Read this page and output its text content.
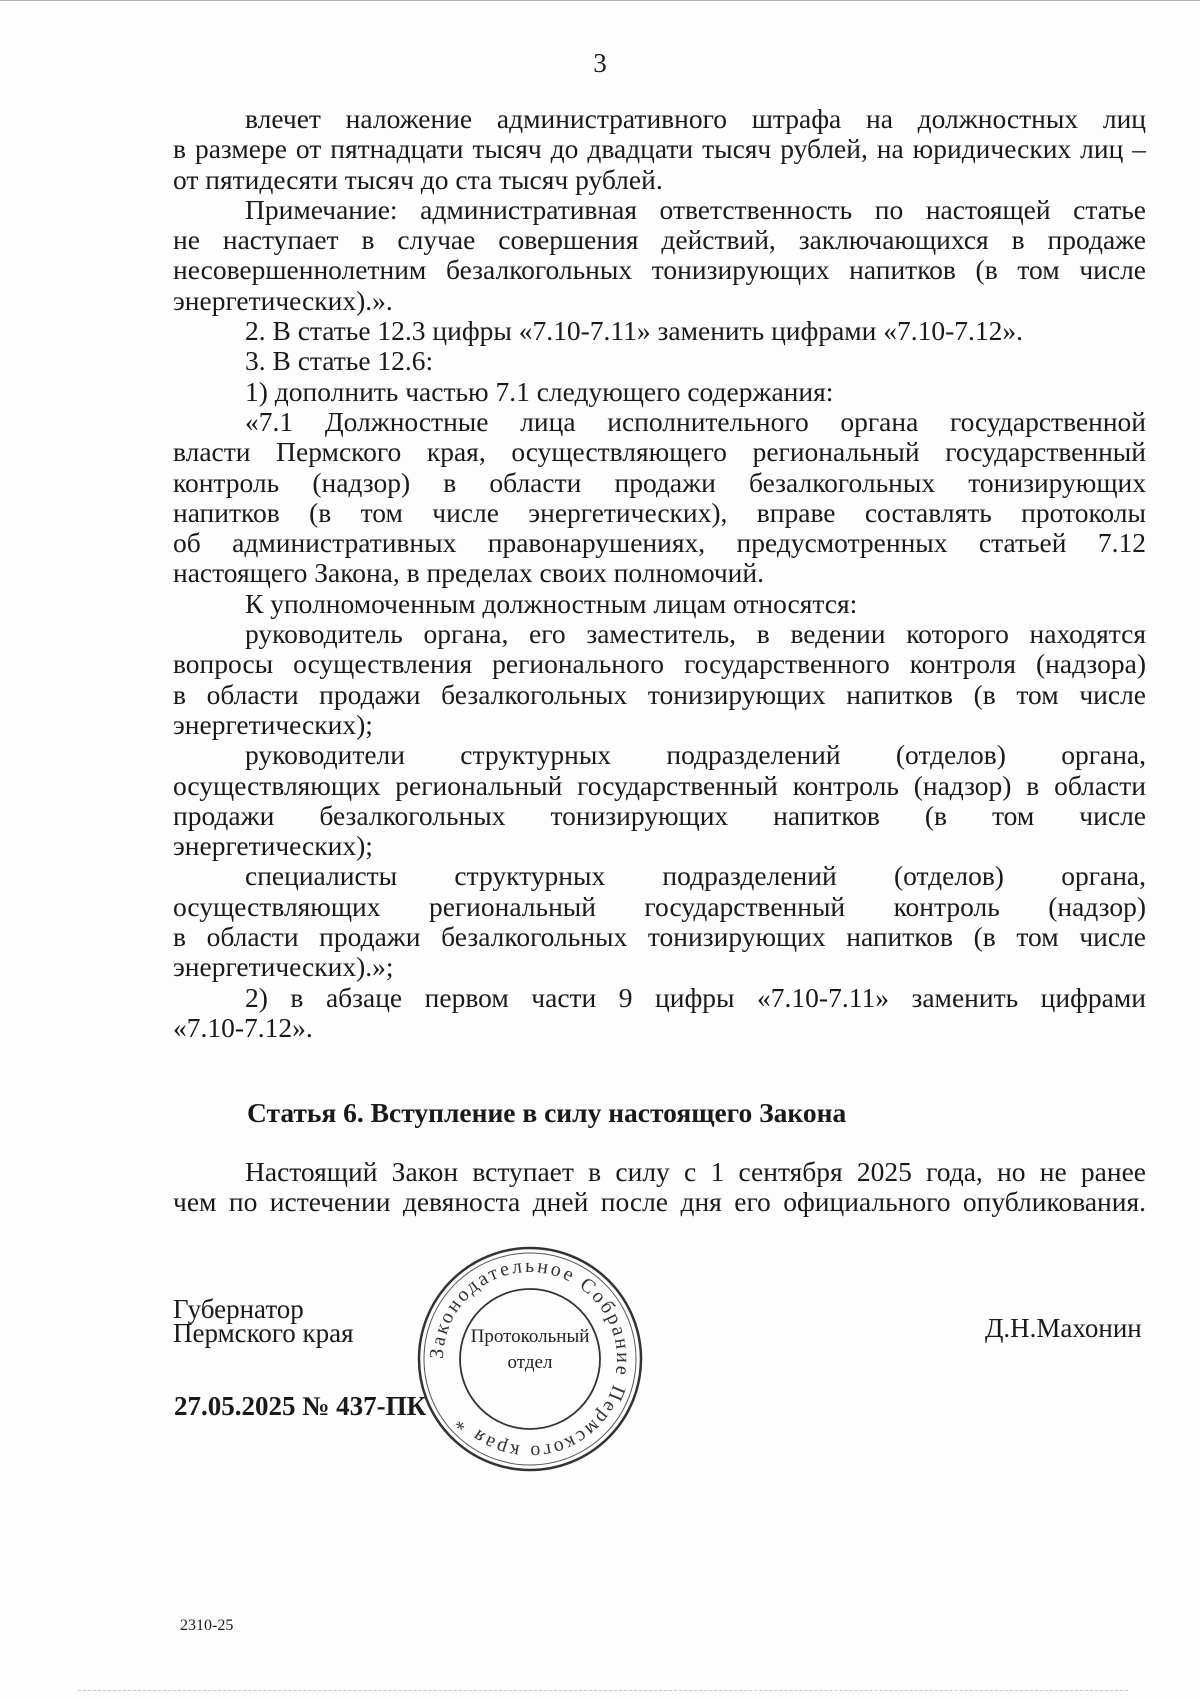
3
влечет наложение административного штрафа на должностных лиц
в размере от пятнадцати тысяч до двадцати тысяч рублей, на юридических лиц –
от пятидесяти тысяч до ста тысяч рублей.
Примечание: административная ответственность по настоящей статье
не наступает в случае совершения действий, заключающихся в продаже
несовершеннолетним безалкогольных тонизирующих напитков (в том числе
энергетических).».
2. В статье 12.3 цифры «7.10-7.11» заменить цифрами «7.10-7.12».
3. В статье 12.6:
1) дополнить частью 7.1 следующего содержания:
«7.1 Должностные лица исполнительного органа государственной
власти Пермского края, осуществляющего региональный государственный
контроль (надзор) в области продажи безалкогольных тонизирующих
напитков (в том числе энергетических), вправе составлять протоколы
об административных правонарушениях, предусмотренных статьей 7.12
настоящего Закона, в пределах своих полномочий.
К уполномоченным должностным лицам относятся:
руководитель органа, его заместитель, в ведении которого находятся
вопросы осуществления регионального государственного контроля (надзора)
в области продажи безалкогольных тонизирующих напитков (в том числе
энергетических);
руководители структурных подразделений (отделов) органа,
осуществляющих региональный государственный контроль (надзор) в области
продажи безалкогольных тонизирующих напитков (в том числе
энергетических);
специалисты структурных подразделений (отделов) органа,
осуществляющих региональный государственный контроль (надзор)
в области продажи безалкогольных тонизирующих напитков (в том числе
энергетических).»;
2) в абзаце первом части 9 цифры «7.10-7.11» заменить цифрами
«7.10-7.12».
Статья 6. Вступление в силу настоящего Закона
Настоящий Закон вступает в силу с 1 сентября 2025 года, но не ранее
чем по истечении девяноста дней после дня его официального опубликования.
Губернатор
Пермского края	Д.Н.Махонин
27.05.2025 № 437-ПК
Законодательное Собрание Пермского края *
Протокольный
отдел
2310-25
